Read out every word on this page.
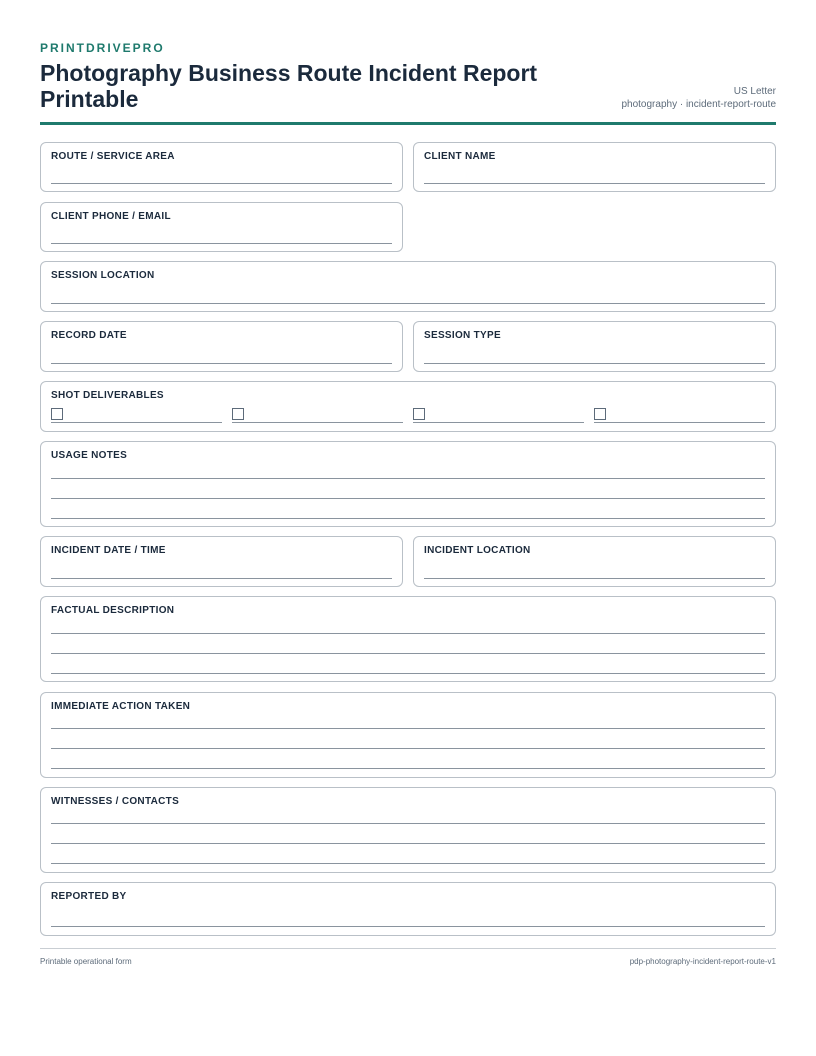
PRINTDRIVEPRO
Photography Business Route Incident Report Printable	US Letter
photography · incident-report-route
ROUTE / SERVICE AREA	CLIENT NAME
CLIENT PHONE / EMAIL
SESSION LOCATION
RECORD DATE	SESSION TYPE
SHOT DELIVERABLES
USAGE NOTES
INCIDENT DATE / TIME	INCIDENT LOCATION
FACTUAL DESCRIPTION
IMMEDIATE ACTION TAKEN
WITNESSES / CONTACTS
REPORTED BY
Printable operational form	pdp-photography-incident-report-route-v1
